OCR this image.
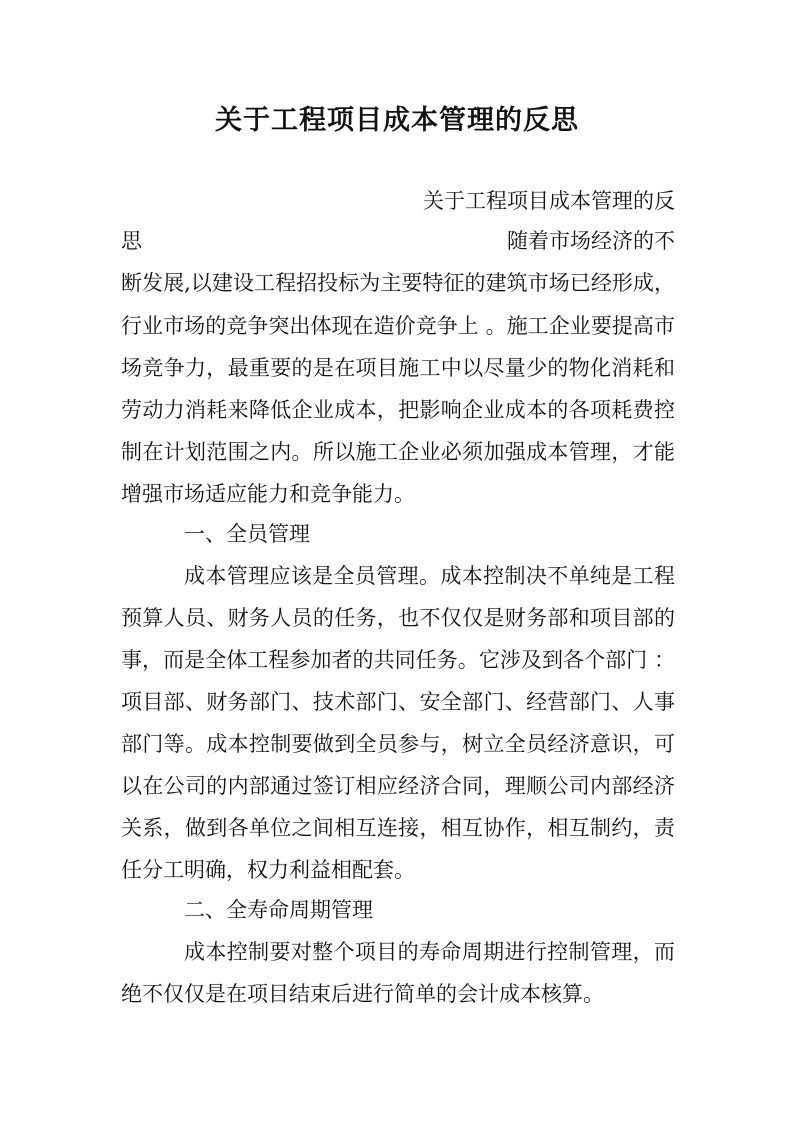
关于工程项目成本管理的反思

关于工程项目成本管理的反

思	随着市场经济的不

断发展,以建设工程招投标为主要特征的建筑市场已经形成，

行业市场的竞争突出体现在造价竞争上 。施工企业要提高市

场竞争力，最重要的是在项目施工中以尽量少的物化消耗和

劳动力消耗来降低企业成本，把影响企业成本的各项耗费控

制在计划范围之内。所以施工企业必须加强成本管理，才能

增强市场适应能力和竞争能力。

一、全员管理

成本管理应该是全员管理。成本控制决不单纯是工程

预算人员、财务人员的任务，也不仅仅是财务部和项目部的

事，而是全体工程参加者的共同任务。它涉及到各个部门 ：

项目部、财务部门、技术部门、安全部门、经营部门、人事

部门等。成本控制要做到全员参与，树立全员经济意识，可

以在公司的内部通过签订相应经济合同，理顺公司内部经济

关系，做到各单位之间相互连接，相互协作，相互制约，责

任分工明确，权力利益相配套。

二、全寿命周期管理

成本控制要对整个项目的寿命周期进行控制管理，而

绝不仅仅是在项目结束后进行简单的会计成本核算。
